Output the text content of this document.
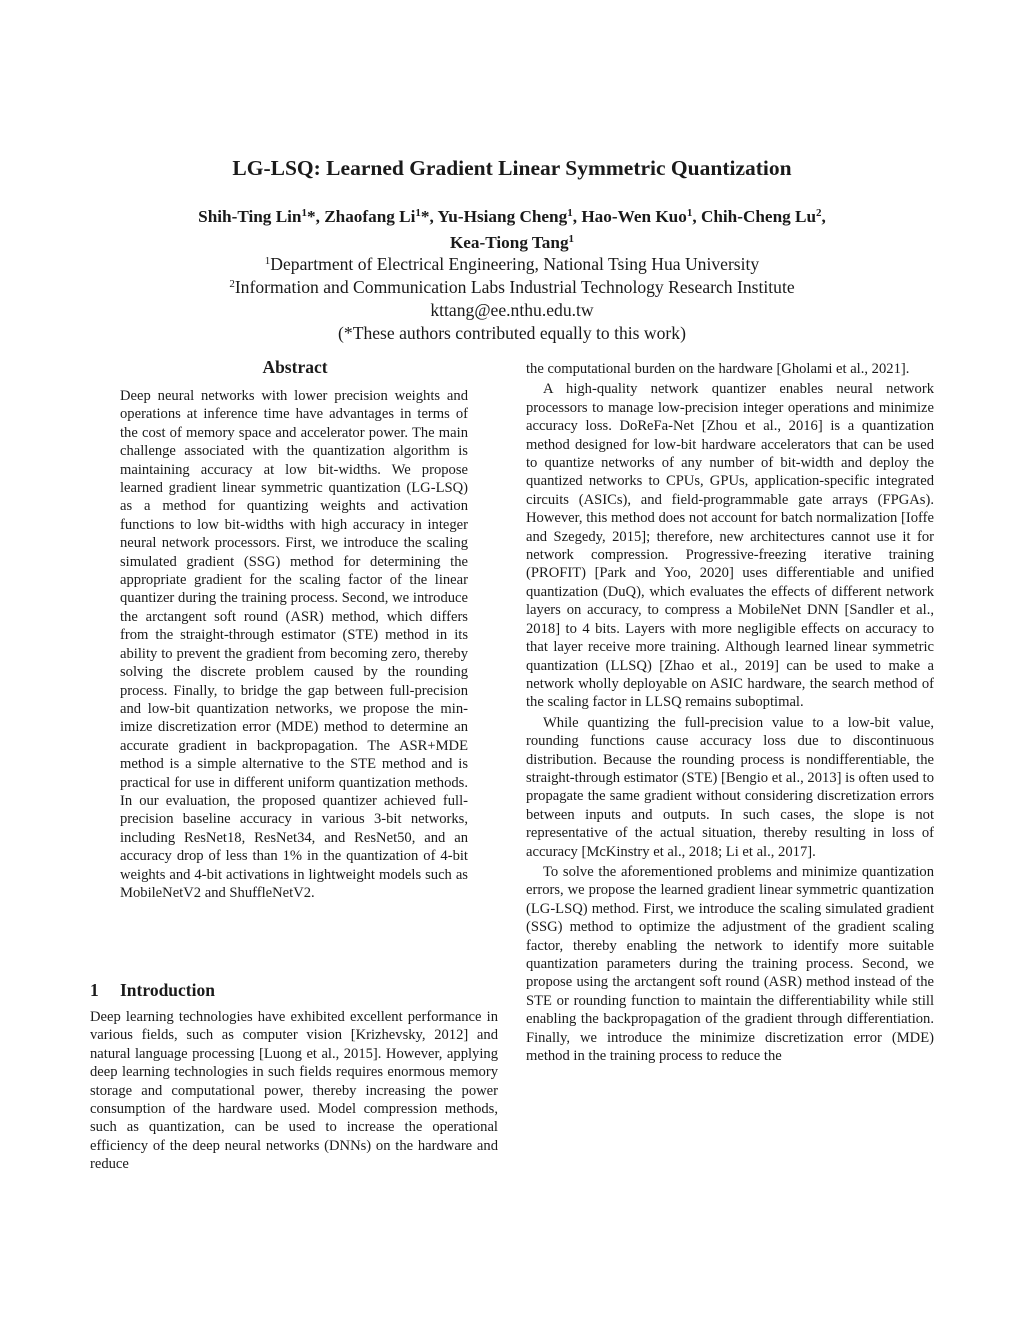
LG-LSQ: Learned Gradient Linear Symmetric Quantization
Shih-Ting Lin$^1$*, Zhaofang Li$^1$*, Yu-Hsiang Cheng$^1$, Hao-Wen Kuo$^1$, Chih-Cheng Lu$^2$,
Kea-Tiong Tang$^1$
$^1$Department of Electrical Engineering, National Tsing Hua University
$^2$Information and Communication Labs Industrial Technology Research Institute
kttang@ee.nthu.edu.tw
(*These authors contributed equally to this work)
Abstract
Deep neural networks with lower precision weights and operations at inference time have advantages in terms of the cost of memory space and accelerator power. The main challenge associated with the quantization algorithm is maintaining accuracy at low bit-widths. We propose learned gradient linear symmetric quantization (LG-LSQ) as a method for quantizing weights and activation functions to low bit-widths with high accuracy in integer neural network processors. First, we introduce the scaling simulated gradient (SSG) method for determining the appropriate gradient for the scaling factor of the linear quantizer during the training process. Second, we introduce the arctangent soft round (ASR) method, which differs from the straight-through estimator (STE) method in its ability to prevent the gradient from becoming zero, thereby solving the discrete problem caused by the rounding process. Finally, to bridge the gap between full-precision and low-bit quantization networks, we propose the minimize discretization error (MDE) method to determine an accurate gradient in backpropagation. The ASR+MDE method is a simple alternative to the STE method and is practical for use in different uniform quantization methods. In our evaluation, the proposed quantizer achieved full-precision baseline accuracy in various 3-bit networks, including ResNet18, ResNet34, and ResNet50, and an accuracy drop of less than 1% in the quantization of 4-bit weights and 4-bit activations in lightweight models such as MobileNetV2 and ShuffleNetV2.
1 Introduction

Deep learning technologies have exhibited excellent performance in various fields, such as computer vision [Krizhevsky, 2012] and natural language processing [Luong et al., 2015]. However, applying deep learning technologies in such fields requires enormous memory storage and computational power, thereby increasing the power consumption of the hardware used. Model compression methods, such as quantization, can be used to increase the operational efficiency of the deep neural networks (DNNs) on the hardware and reduce

the computational burden on the hardware [Gholami et al., 2021].

A high-quality network quantizer enables neural network processors to manage low-precision integer operations and minimize accuracy loss. DoReFa-Net [Zhou et al., 2016] is a quantization method designed for low-bit hardware accelerators that can be used to quantize networks of any number of bit-width and deploy the quantized networks to CPUs, GPUs, application-specific integrated circuits (ASICs), and field-programmable gate arrays (FPGAs). However, this method does not account for batch normalization [Ioffe and Szegedy, 2015]; therefore, new architectures cannot use it for network compression. Progressive-freezing iterative training (PROFIT) [Park and Yoo, 2020] uses differentiable and unified quantization (DuQ), which evaluates the effects of different network layers on accuracy, to compress a MobileNet DNN [Sandler et al., 2018] to 4 bits. Layers with more negligible effects on accuracy to that layer receive more training. Although learned linear symmetric quantization (LLSQ) [Zhao et al., 2019] can be used to make a network wholly deployable on ASIC hardware, the search method of the scaling factor in LLSQ remains suboptimal.

While quantizing the full-precision value to a low-bit value, rounding functions cause accuracy loss due to discontinuous distribution. Because the rounding process is nondifferentiable, the straight-through estimator (STE) [Bengio et al., 2013] is often used to propagate the same gradient without considering discretization errors between inputs and outputs. In such cases, the slope is not representative of the actual situation, thereby resulting in loss of accuracy [McKinstry et al., 2018; Li et al., 2017].

To solve the aforementioned problems and minimize quantization errors, we propose the learned gradient linear symmetric quantization (LG-LSQ) method. First, we introduce the scaling simulated gradient (SSG) method to optimize the adjustment of the gradient scaling factor, thereby enabling the network to identify more suitable quantization parameters during the training process. Second, we propose using the arctangent soft round (ASR) method instead of the STE or rounding function to maintain the differentiability while still enabling the backpropagation of the gradient through differentiation. Finally, we introduce the minimize discretization error (MDE) method in the training process to reduce the
